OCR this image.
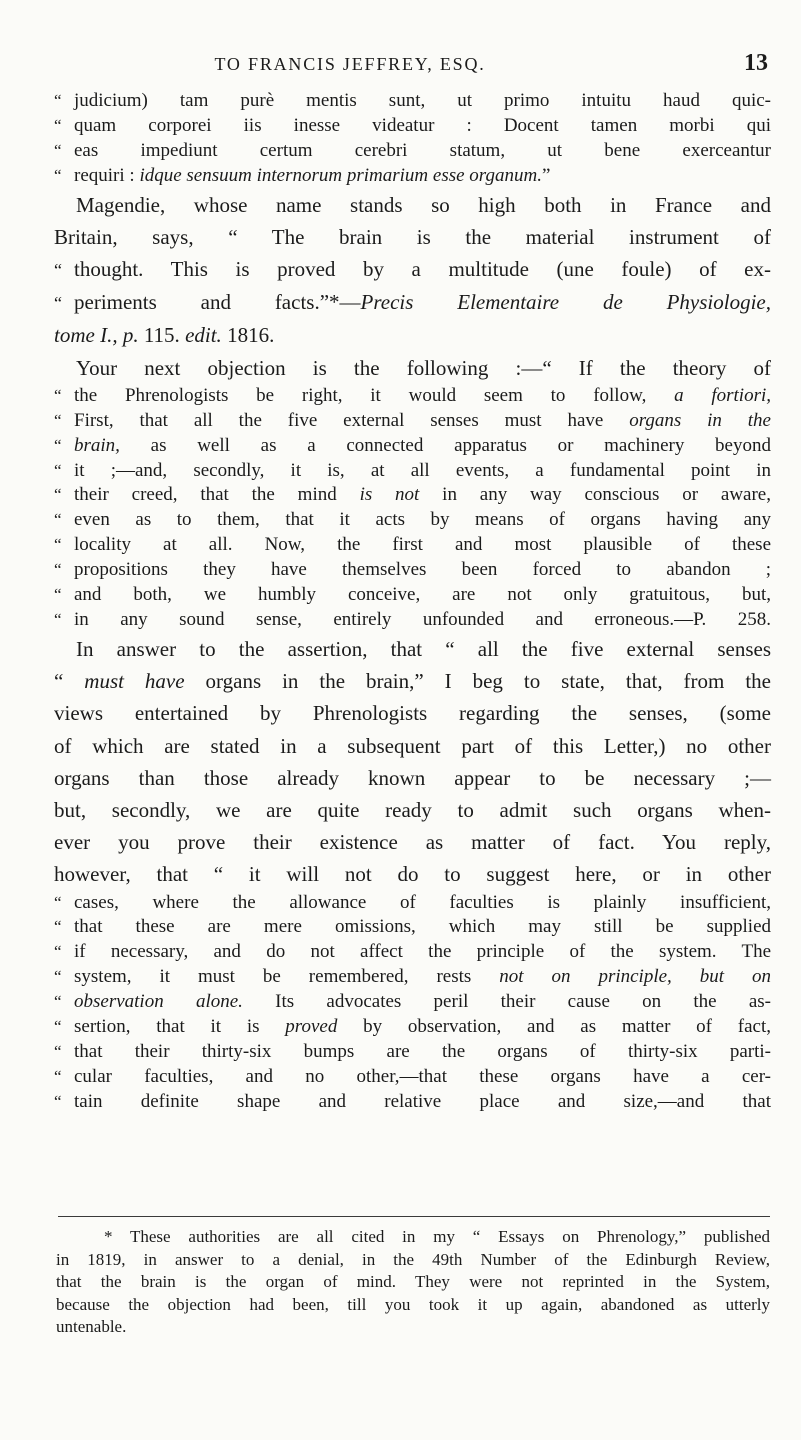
TO FRANCIS JEFFREY, ESQ.	13
“ judicium) tam purè mentis sunt, ut primo intuitu haud quic-
“ quam corporei iis inesse videatur : Docent tamen morbi qui
“ eas impediunt certum cerebri statum, ut bene exerceantur
“ requiri : idque sensuum internorum primarium esse organum.”
Magendie, whose name stands so high both in France and
Britain, says, “ The brain is the material instrument of
“ thought. This is proved by a multitude (une foule) of ex-
“ periments and facts.”*—Precis Elementaire de Physiologie,
tome I., p. 115. edit. 1816.
Your next objection is the following :—“ If the theory of
“ the Phrenologists be right, it would seem to follow, a fortiori,
“ First, that all the five external senses must have organs in the
“ brain, as well as a connected apparatus or machinery beyond
“ it ;—and, secondly, it is, at all events, a fundamental point in
“ their creed, that the mind is not in any way conscious or aware,
“ even as to them, that it acts by means of organs having any
“ locality at all. Now, the first and most plausible of these
“ propositions they have themselves been forced to abandon ;
“ and both, we humbly conceive, are not only gratuitous, but,
“ in any sound sense, entirely unfounded and erroneous.—P. 258.
In answer to the assertion, that “ all the five external senses
“ must have organs in the brain,” I beg to state, that, from the
views entertained by Phrenologists regarding the senses, (some
of which are stated in a subsequent part of this Letter,) no other
organs than those already known appear to be necessary ;—
but, secondly, we are quite ready to admit such organs when-
ever you prove their existence as matter of fact. You reply,
however, that “ it will not do to suggest here, or in other
“ cases, where the allowance of faculties is plainly insufficient,
“ that these are mere omissions, which may still be supplied
“ if necessary, and do not affect the principle of the system. The
“ system, it must be remembered, rests not on principle, but on
“ observation alone. Its advocates peril their cause on the as-
“ sertion, that it is proved by observation, and as matter of fact,
“ that their thirty-six bumps are the organs of thirty-six parti-
“ cular faculties, and no other,—that these organs have a cer-
“ tain definite shape and relative place and size,—and that
* These authorities are all cited in my “ Essays on Phrenology,” published
in 1819, in answer to a denial, in the 49th Number of the Edinburgh Review,
that the brain is the organ of mind. They were not reprinted in the System,
because the objection had been, till you took it up again, abandoned as utterly
untenable.
